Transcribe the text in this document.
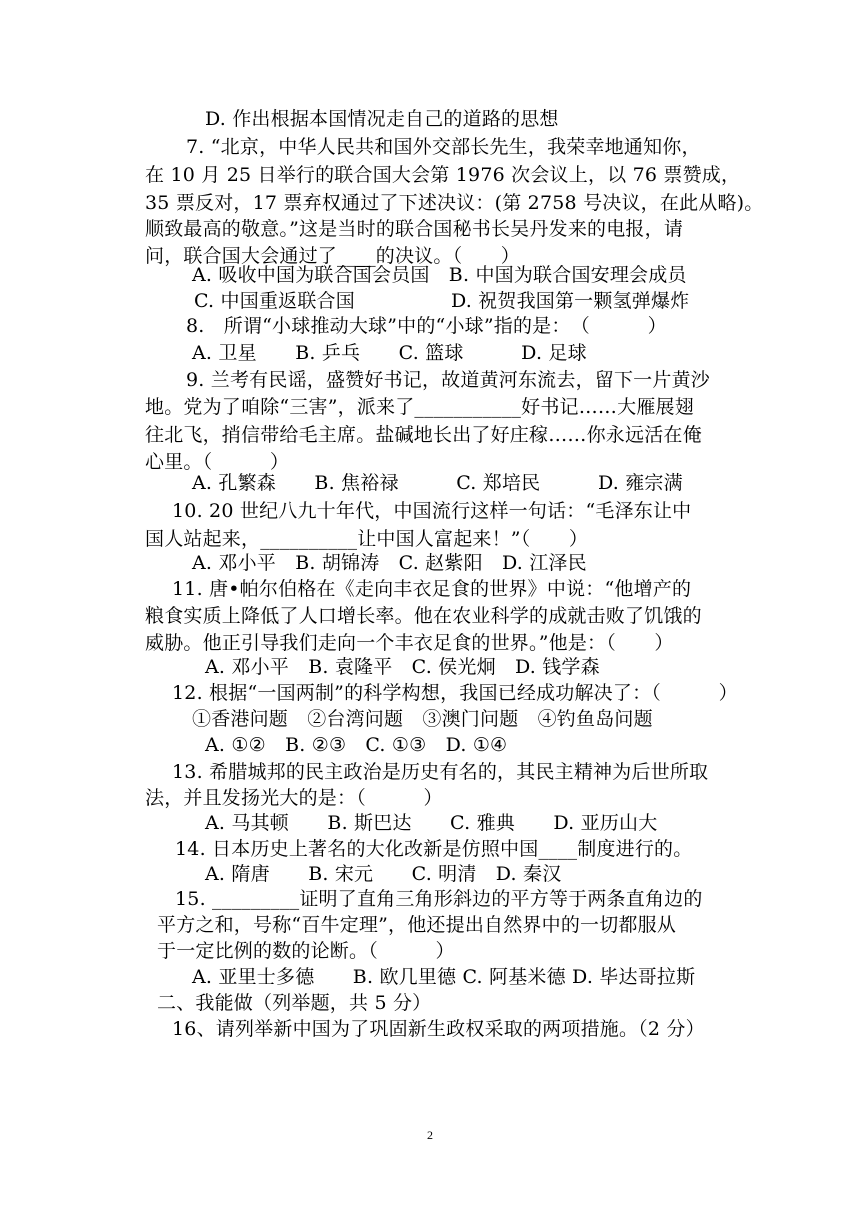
D. 作出根据本国情况走自己的道路的思想
7. “北京，中华人民共和国外交部长先生，我荣幸地通知你，
在 10 月 25 日举行的联合国大会第 1976 次会议上，以 76 票赞成，
35 票反对，17 票弃权通过了下述决议：(第 2758 号决议，在此从略)。
顺致最高的敬意。”这是当时的联合国秘书长吴丹发来的电报，请
问，联合国大会通过了____的决议。（　　）
A. 吸收中国为联合国会员国　B. 中国为联合国安理会成员
C. 中国重返联合国　　　　　D. 祝贺我国第一颗氢弹爆炸
8.　所谓“小球推动大球”中的“小球”指的是：　（　　　）
A. 卫星　　B. 乒乓　　C. 篮球　　　D. 足球
9. 兰考有民谣，盛赞好书记，故道黄河东流去，留下一片黄沙
地。党为了咱除“三害”，派来了___________好书记……大雁展翅
往北飞，捎信带给毛主席。盐碱地长出了好庄稼……你永远活在俺
心里。（　　　）
A. 孔繁森　　B. 焦裕禄　　　C. 郑培民　　　D. 雍宗满
10. 20 世纪八九十年代，中国流行这样一句话：“毛泽东让中
国人站起来，__________让中国人富起来！”（　　）
A. 邓小平　B. 胡锦涛　C. 赵紫阳　D. 江泽民
11. 唐•帕尔伯格在《走向丰衣足食的世界》中说：“他增产的
粮食实质上降低了人口增长率。他在农业科学的成就击败了饥饿的
威胁。他正引导我们走向一个丰衣足食的世界。”他是：（　　）
A. 邓小平　B. 袁隆平　C. 侯光炯　D. 钱学森
12. 根据“一国两制”的科学构想，我国已经成功解决了：（　　　）
①香港问题　②台湾问题　③澳门问题　④钓鱼岛问题
A. ①②　B. ②③　C. ①③　D. ①④
13. 希腊城邦的民主政治是历史有名的，其民主精神为后世所取
法，并且发扬光大的是：（　　　）
A. 马其顿　　B. 斯巴达　　C. 雅典　　D. 亚历山大
14. 日本历史上著名的大化改新是仿照中国____制度进行的。
A. 隋唐　　B. 宋元　　C. 明清　D. 秦汉
15. _________证明了直角三角形斜边的平方等于两条直角边的
平方之和，号称“百牛定理”，他还提出自然界中的一切都服从
于一定比例的数的论断。（　　　）
A. 亚里士多德　　B. 欧几里德 C. 阿基米德 D. 毕达哥拉斯
二、我能做（列举题，共 5 分）
16、请列举新中国为了巩固新生政权采取的两项措施。（2 分）
2
